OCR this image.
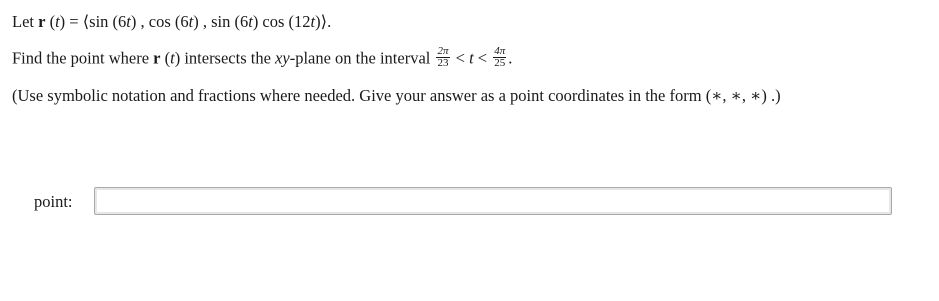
Let r (t) = ⟨sin (6t) , cos (6t) , sin (6t) cos (12t)⟩.
Find the point where r (t) intersects the xy-plane on the interval $\frac{2\pi}{23} < t < \frac{4\pi}{25}$ .
(Use symbolic notation and fractions where needed. Give your answer as a point coordinates in the form (∗, ∗, ∗) .)
point:
